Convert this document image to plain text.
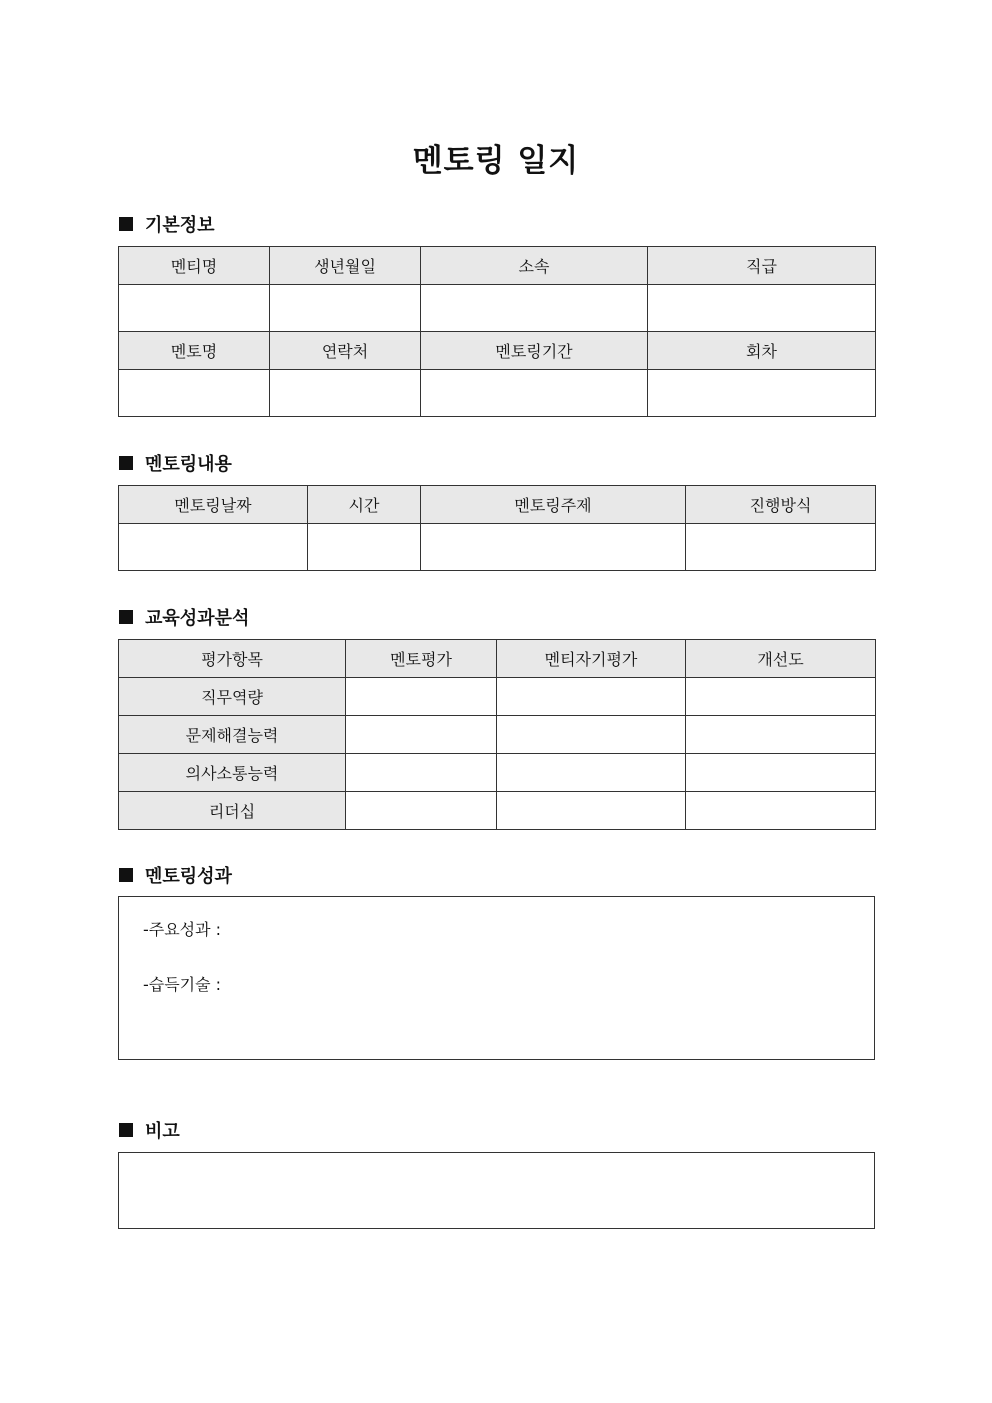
멘토링 일지
기본정보
멘티명	생년월일	소속	직급

멘토명	연락처	멘토링기간	회차

멘토링내용
멘토링날짜	시간	멘토링주제	진행방식

교육성과분석
평가항목	멘토평가	멘티자기평가	개선도
직무역량			
문제해결능력			
의사소통능력			
리더십			
멘토링성과
-주요성과 :
-습득기술 :
비고
